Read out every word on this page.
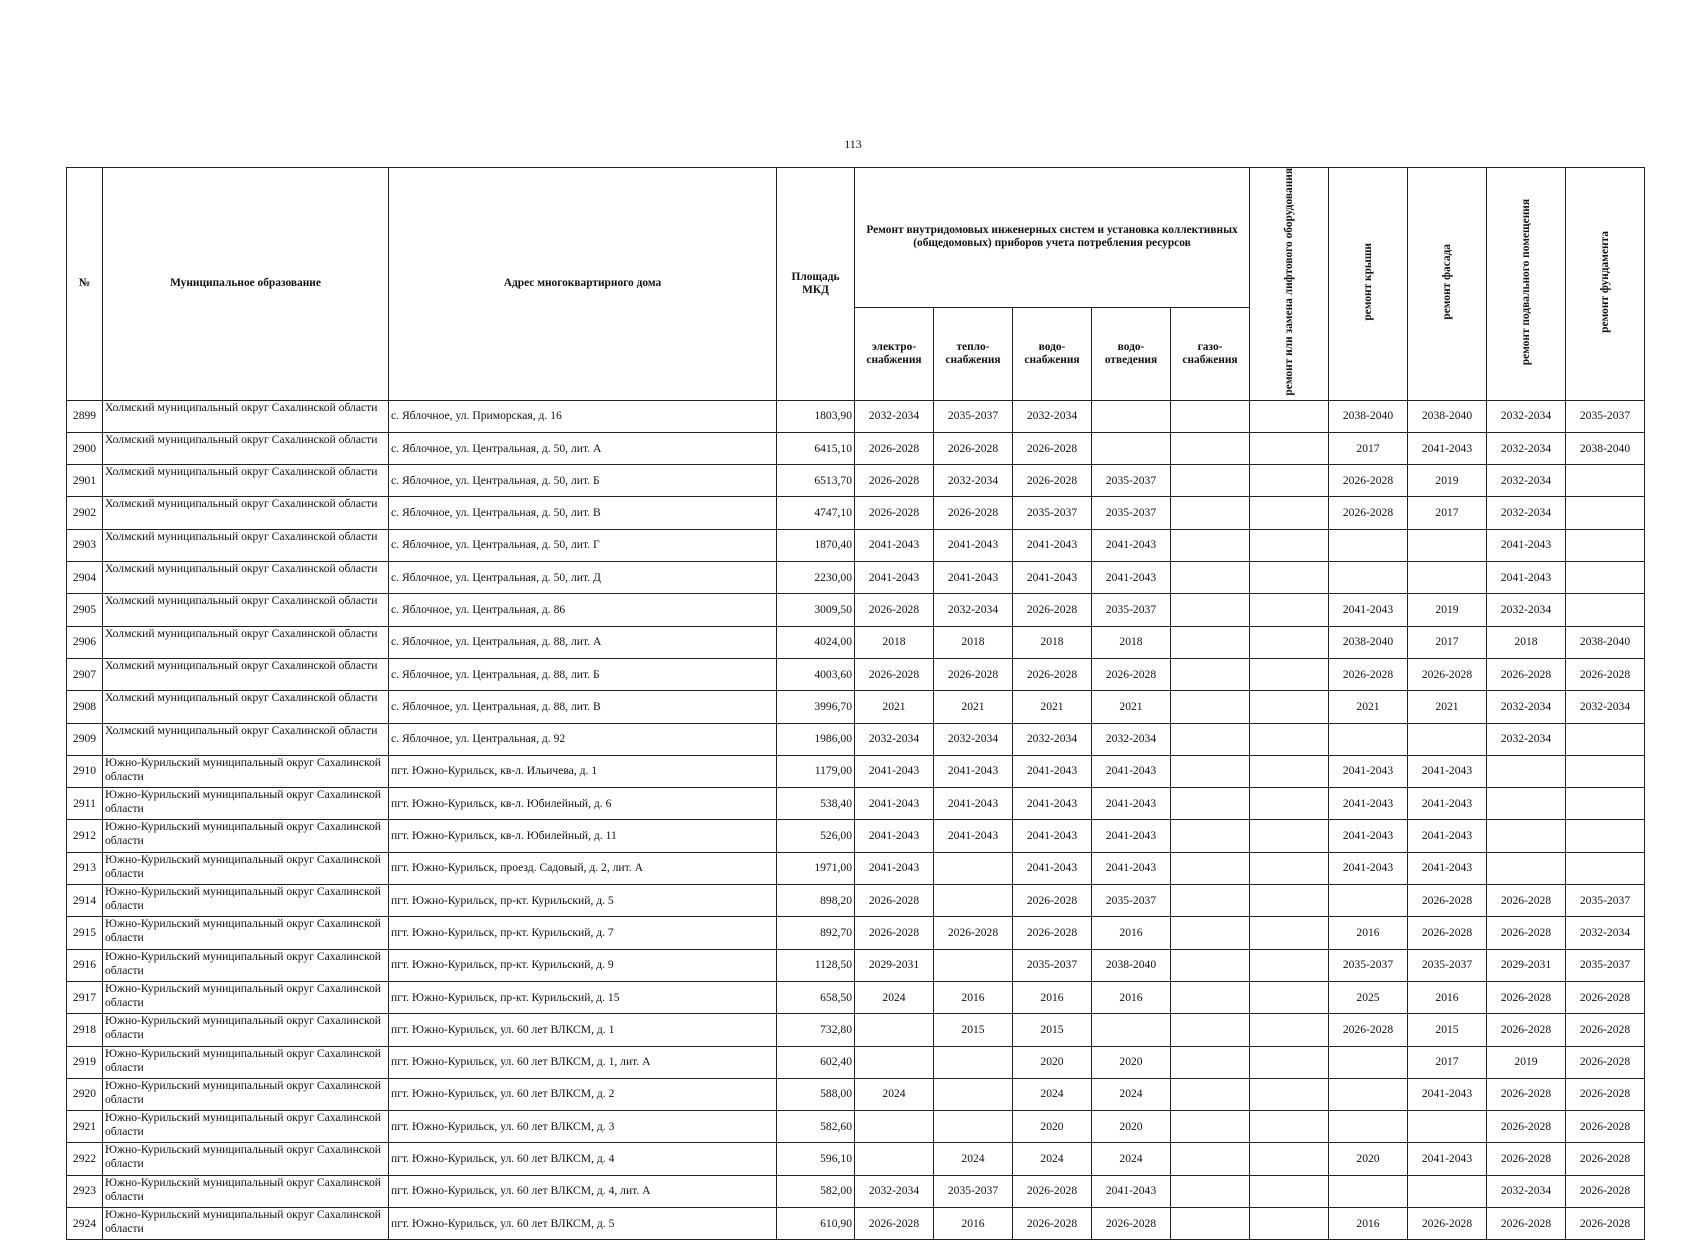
113
№	Муниципальное образование	Адрес многоквартирного дома	Площадь МКД	Ремонт внутридомовых инженерных систем и установка коллективных (общедомовых) приборов учета потребления ресурсов					ремонт или замена лифтового оборудования	ремонт крыши	ремонт фасада	ремонт подвального помещения	ремонт фундамента
				электро-снабжения	тепло-снабжения	водо-снабжения	водо-отведения	газо-снабжения					
2899	Холмский муниципальный округ Сахалинской области	с. Яблочное, ул. Приморская, д. 16	1803,90	2032-2034	2035-2037	2032-2034				2038-2040	2038-2040	2032-2034	2035-2037
2900	Холмский муниципальный округ Сахалинской области	с. Яблочное, ул. Центральная, д. 50, лит. А	6415,10	2026-2028	2026-2028	2026-2028				2017	2041-2043	2032-2034	2038-2040
2901	Холмский муниципальный округ Сахалинской области	с. Яблочное, ул. Центральная, д. 50, лит. Б	6513,70	2026-2028	2032-2034	2026-2028	2035-2037			2026-2028	2019	2032-2034	
2902	Холмский муниципальный округ Сахалинской области	с. Яблочное, ул. Центральная, д. 50, лит. В	4747,10	2026-2028	2026-2028	2035-2037	2035-2037			2026-2028	2017	2032-2034	
2903	Холмский муниципальный округ Сахалинской области	с. Яблочное, ул. Центральная, д. 50, лит. Г	1870,40	2041-2043	2041-2043	2041-2043	2041-2043					2041-2043	
2904	Холмский муниципальный округ Сахалинской области	с. Яблочное, ул. Центральная, д. 50, лит. Д	2230,00	2041-2043	2041-2043	2041-2043	2041-2043					2041-2043	
2905	Холмский муниципальный округ Сахалинской области	с. Яблочное, ул. Центральная, д. 86	3009,50	2026-2028	2032-2034	2026-2028	2035-2037			2041-2043	2019	2032-2034	
2906	Холмский муниципальный округ Сахалинской области	с. Яблочное, ул. Центральная, д. 88, лит. А	4024,00	2018	2018	2018	2018			2038-2040	2017	2018	2038-2040
2907	Холмский муниципальный округ Сахалинской области	с. Яблочное, ул. Центральная, д. 88, лит. Б	4003,60	2026-2028	2026-2028	2026-2028	2026-2028			2026-2028	2026-2028	2026-2028	2026-2028
2908	Холмский муниципальный округ Сахалинской области	с. Яблочное, ул. Центральная, д. 88, лит. В	3996,70	2021	2021	2021	2021			2021	2021	2032-2034	2032-2034
2909	Холмский муниципальный округ Сахалинской области	с. Яблочное, ул. Центральная, д. 92	1986,00	2032-2034	2032-2034	2032-2034	2032-2034					2032-2034	
2910	Южно-Курильский муниципальный округ Сахалинской области	пгт. Южно-Курильск, кв-л. Ильичева, д. 1	1179,00	2041-2043	2041-2043	2041-2043	2041-2043			2041-2043	2041-2043		
2911	Южно-Курильский муниципальный округ Сахалинской области	пгт. Южно-Курильск, кв-л. Юбилейный, д. 6	538,40	2041-2043	2041-2043	2041-2043	2041-2043			2041-2043	2041-2043		
2912	Южно-Курильский муниципальный округ Сахалинской области	пгт. Южно-Курильск, кв-л. Юбилейный, д. 11	526,00	2041-2043	2041-2043	2041-2043	2041-2043			2041-2043	2041-2043		
2913	Южно-Курильский муниципальный округ Сахалинской области	пгт. Южно-Курильск, проезд. Садовый, д. 2, лит. А	1971,00	2041-2043		2041-2043	2041-2043			2041-2043	2041-2043		
2914	Южно-Курильский муниципальный округ Сахалинской области	пгт. Южно-Курильск, пр-кт. Курильский, д. 5	898,20	2026-2028		2026-2028	2035-2037				2026-2028	2026-2028	2035-2037
2915	Южно-Курильский муниципальный округ Сахалинской области	пгт. Южно-Курильск, пр-кт. Курильский, д. 7	892,70	2026-2028	2026-2028	2026-2028	2016			2016	2026-2028	2026-2028	2032-2034
2916	Южно-Курильский муниципальный округ Сахалинской области	пгт. Южно-Курильск, пр-кт. Курильский, д. 9	1128,50	2029-2031		2035-2037	2038-2040			2035-2037	2035-2037	2029-2031	2035-2037
2917	Южно-Курильский муниципальный округ Сахалинской области	пгт. Южно-Курильск, пр-кт. Курильский, д. 15	658,50	2024	2016	2016	2016			2025	2016	2026-2028	2026-2028
2918	Южно-Курильский муниципальный округ Сахалинской области	пгт. Южно-Курильск, ул. 60 лет ВЛКСМ, д. 1	732,80		2015	2015				2026-2028	2015	2026-2028	2026-2028
2919	Южно-Курильский муниципальный округ Сахалинской области	пгт. Южно-Курильск, ул. 60 лет ВЛКСМ, д. 1, лит. А	602,40			2020	2020				2017	2019	2026-2028
2920	Южно-Курильский муниципальный округ Сахалинской области	пгт. Южно-Курильск, ул. 60 лет ВЛКСМ, д. 2	588,00	2024		2024	2024				2041-2043	2026-2028	2026-2028
2921	Южно-Курильский муниципальный округ Сахалинской области	пгт. Южно-Курильск, ул. 60 лет ВЛКСМ, д. 3	582,60			2020	2020					2026-2028	2026-2028
2922	Южно-Курильский муниципальный округ Сахалинской области	пгт. Южно-Курильск, ул. 60 лет ВЛКСМ, д. 4	596,10		2024	2024	2024			2020	2041-2043	2026-2028	2026-2028
2923	Южно-Курильский муниципальный округ Сахалинской области	пгт. Южно-Курильск, ул. 60 лет ВЛКСМ, д. 4, лит. А	582,00	2032-2034	2035-2037	2026-2028	2041-2043					2032-2034	2026-2028
2924	Южно-Курильский муниципальный округ Сахалинской области	пгт. Южно-Курильск, ул. 60 лет ВЛКСМ, д. 5	610,90	2026-2028	2016	2026-2028	2026-2028			2016	2026-2028	2026-2028	2026-2028
